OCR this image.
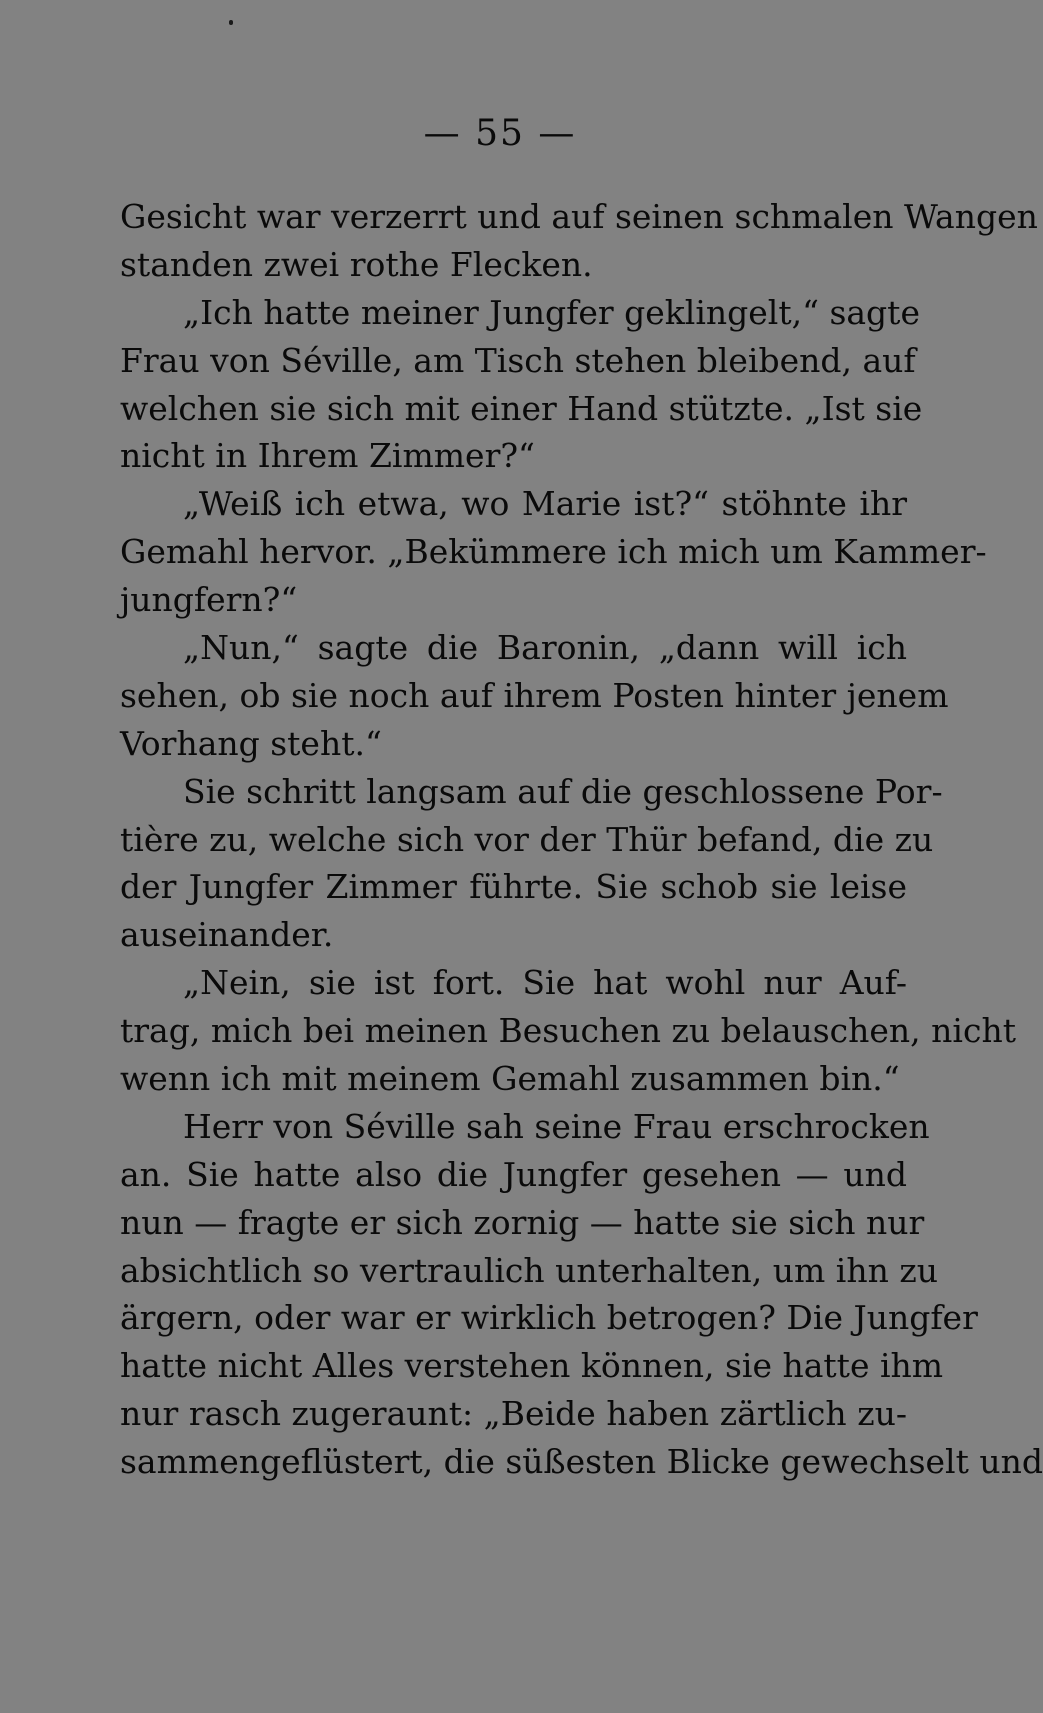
— 55 —
Gesicht war verzerrt und auf seinen schmalen Wangen
standen zwei rothe Flecken.
„Ich hatte meiner Jungfer geklingelt,“ sagte
Frau von Séville, am Tisch stehen bleibend, auf
welchen sie sich mit einer Hand stützte. „Ist sie
nicht in Ihrem Zimmer?“
„Weiß ich etwa, wo Marie ist?“ stöhnte ihr
Gemahl hervor. „Bekümmere ich mich um Kammer-
jungfern?“
„Nun,“ sagte die Baronin, „dann will ich
sehen, ob sie noch auf ihrem Posten hinter jenem
Vorhang steht.“
Sie schritt langsam auf die geschlossene Por-
tière zu, welche sich vor der Thür befand, die zu
der Jungfer Zimmer führte. Sie schob sie leise
auseinander.
„Nein, sie ist fort. Sie hat wohl nur Auf-
trag, mich bei meinen Besuchen zu belauschen, nicht
wenn ich mit meinem Gemahl zusammen bin.“
Herr von Séville sah seine Frau erschrocken
an. Sie hatte also die Jungfer gesehen — und
nun — fragte er sich zornig — hatte sie sich nur
absichtlich so vertraulich unterhalten, um ihn zu
ärgern, oder war er wirklich betrogen? Die Jungfer
hatte nicht Alles verstehen können, sie hatte ihm
nur rasch zugeraunt: „Beide haben zärtlich zu-
sammengeflüstert, die süßesten Blicke gewechselt und
